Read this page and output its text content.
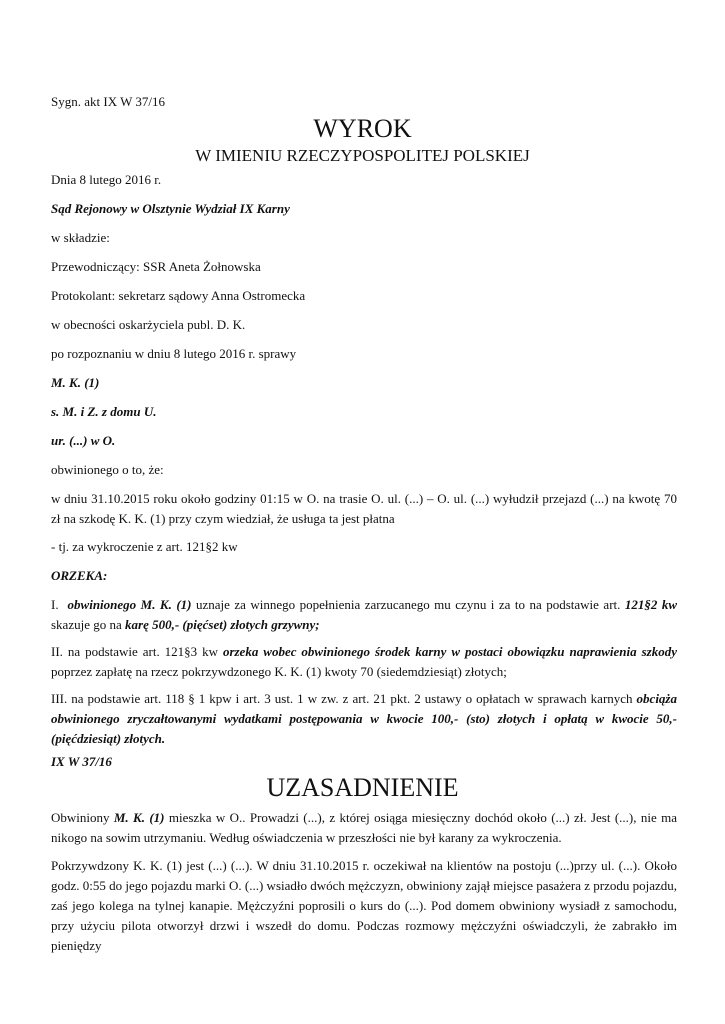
Sygn. akt IX W 37/16

WYROK

W IMIENIU RZECZYPOSPOLITEJ POLSKIEJ

Dnia 8 lutego 2016 r.

Sąd Rejonowy w Olsztynie Wydział IX Karny

w składzie:

Przewodniczący: SSR Aneta Żołnowska

Protokolant: sekretarz sądowy Anna Ostromecka

w obecności oskarżyciela publ. D. K.

po rozpoznaniu w dniu 8 lutego 2016 r. sprawy

M. K. (1)

s. M. i Z. z domu U.

ur. (...) w O.

obwinionego o to, że:

w dniu 31.10.2015 roku około godziny 01:15 w O. na trasie O. ul. (...) – O. ul. (...) wyłudził przejazd (...) na kwotę 70 zł na szkodę K. K. (1) przy czym wiedział, że usługa ta jest płatna

- tj. za wykroczenie z art. 121§2 kw

ORZEKA:

I. obwinionego M. K. (1) uznaje za winnego popełnienia zarzucanego mu czynu i za to na podstawie art. 121§2 kw skazuje go na karę 500,- (pięćset) złotych grzywny;

II. na podstawie art. 121§3 kw orzeka wobec obwinionego środek karny w postaci obowiązku naprawienia szkody poprzez zapłatę na rzecz pokrzywdzonego K. K. (1) kwoty 70 (siedemdziesiąt) złotych;

III. na podstawie art. 118 § 1 kpw i art. 3 ust. 1 w zw. z art. 21 pkt. 2 ustawy o opłatach w sprawach karnych obciąża obwinionego zryczałtowanymi wydatkami postępowania w kwocie 100,- (sto) złotych i opłatą w kwocie 50,- (pięćdziesiąt) złotych.

IX W 37/16

UZASADNIENIE

Obwiniony M. K. (1) mieszka w O.. Prowadzi (...), z której osiąga miesięczny dochód około (...) zł. Jest (...), nie ma nikogo na sowim utrzymaniu. Według oświadczenia w przeszłości nie był karany za wykroczenia.

Pokrzywdzony K. K. (1) jest (...) (...). W dniu 31.10.2015 r. oczekiwał na klientów na postoju (...)przy ul. (...). Około godz. 0:55 do jego pojazdu marki O. (...) wsiadło dwóch mężczyzn, obwiniony zajął miejsce pasażera z przodu pojazdu, zaś jego kolega na tylnej kanapie. Mężczyźni poprosili o kurs do (...). Pod domem obwiniony wysiadł z samochodu, przy użyciu pilota otworzył drzwi i wszedł do domu. Podczas rozmowy mężczyźni oświadczyli, że zabrakło im pieniędzy
